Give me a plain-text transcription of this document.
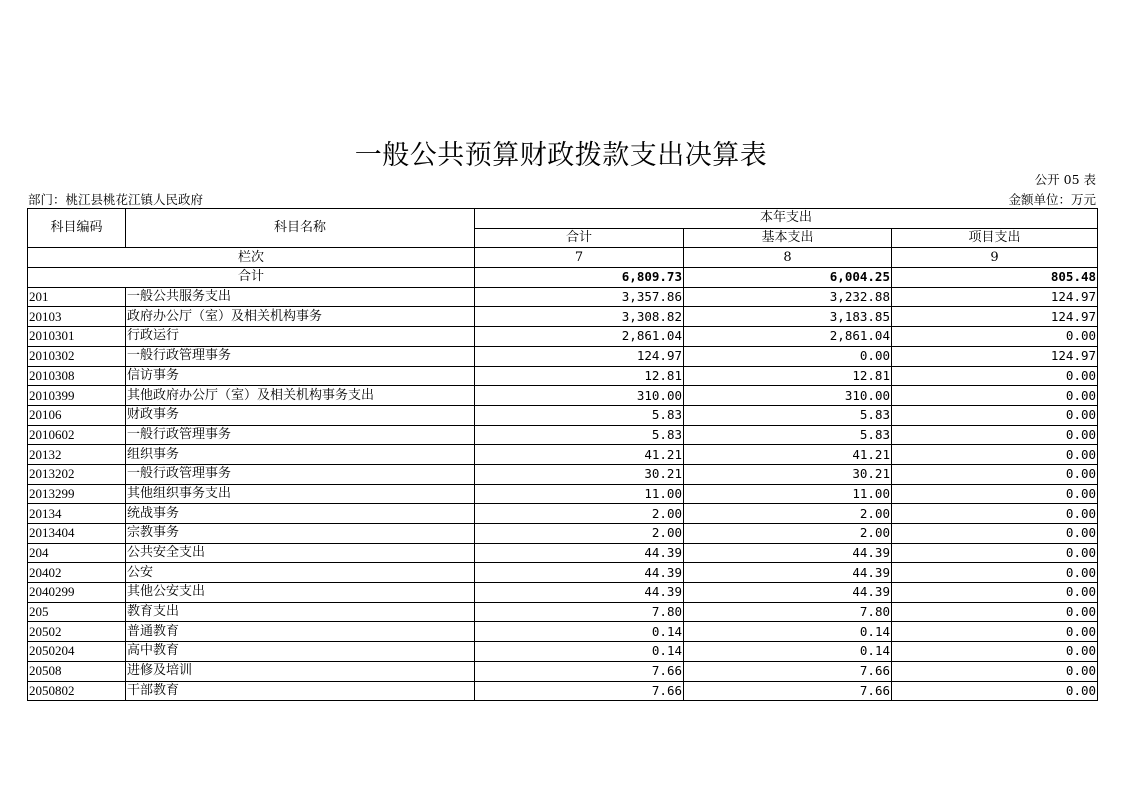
一般公共预算财政拨款支出决算表
公开 05 表
部门：桃江县桃花江镇人民政府	金额单位：万元
科目编码	科目名称	本年支出		
		合计	基本支出	项目支出
栏次		7	8	9
合计		6,809.73	6,004.25	805.48
201	一般公共服务支出	3,357.86	3,232.88	124.97
20103	政府办公厅（室）及相关机构事务	3,308.82	3,183.85	124.97
2010301	行政运行	2,861.04	2,861.04	0.00
2010302	一般行政管理事务	124.97	0.00	124.97
2010308	信访事务	12.81	12.81	0.00
2010399	其他政府办公厅（室）及相关机构事务支出	310.00	310.00	0.00
20106	财政事务	5.83	5.83	0.00
2010602	一般行政管理事务	5.83	5.83	0.00
20132	组织事务	41.21	41.21	0.00
2013202	一般行政管理事务	30.21	30.21	0.00
2013299	其他组织事务支出	11.00	11.00	0.00
20134	统战事务	2.00	2.00	0.00
2013404	宗教事务	2.00	2.00	0.00
204	公共安全支出	44.39	44.39	0.00
20402	公安	44.39	44.39	0.00
2040299	其他公安支出	44.39	44.39	0.00
205	教育支出	7.80	7.80	0.00
20502	普通教育	0.14	0.14	0.00
2050204	高中教育	0.14	0.14	0.00
20508	进修及培训	7.66	7.66	0.00
2050802	干部教育	7.66	7.66	0.00
